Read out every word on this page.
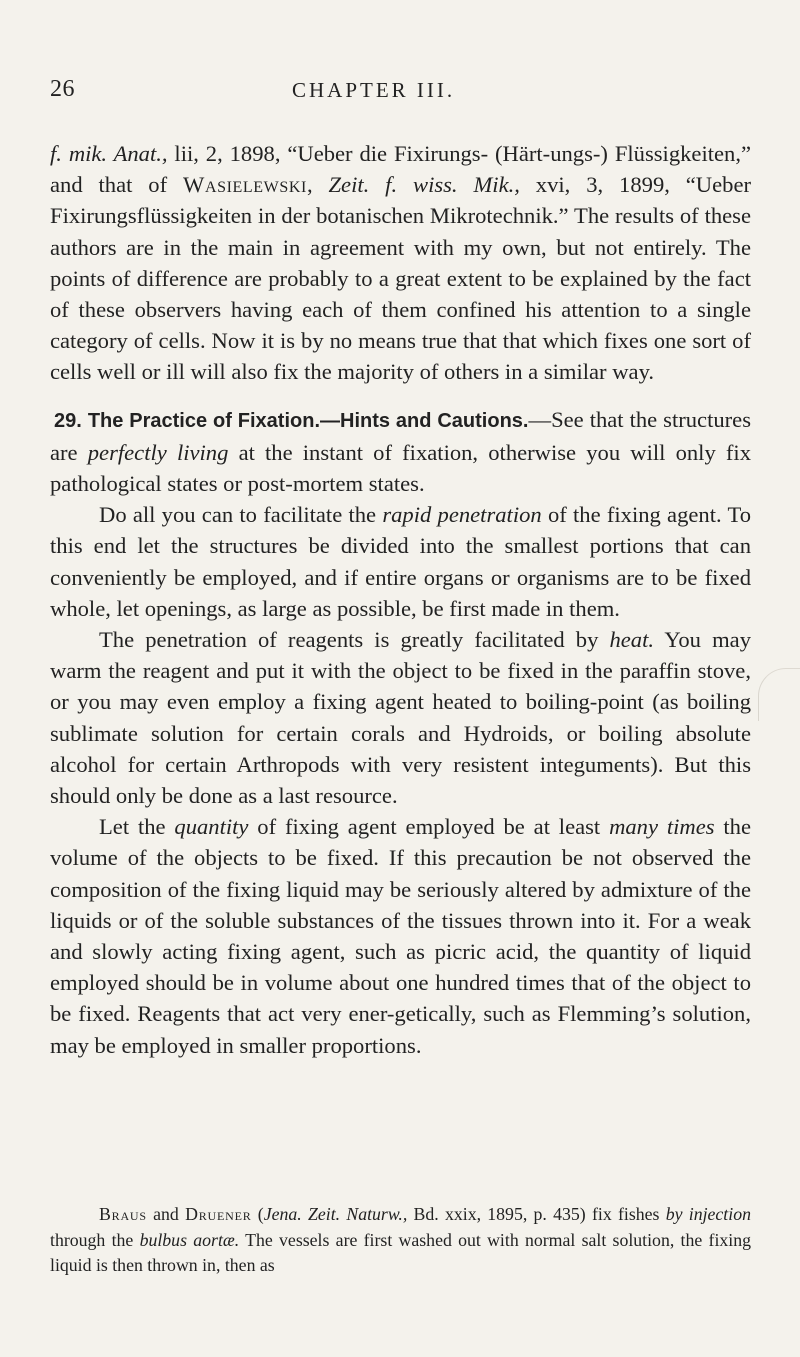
26	CHAPTER III.

f. mik. Anat., lii, 2, 1898, “Ueber die Fixirungs- (Härt-ungs-) Flüssigkeiten,” and that of Wasielewski, Zeit. f. wiss. Mik., xvi, 3, 1899, “Ueber Fixirungsflüssigkeiten in der botanischen Mikrotechnik.” The results of these authors are in the main in agreement with my own, but not entirely. The points of difference are probably to a great extent to be explained by the fact of these observers having each of them confined his attention to a single category of cells. Now it is by no means true that that which fixes one sort of cells well or ill will also fix the majority of others in a similar way.

29. The Practice of Fixation.—Hints and Cautions.—See that the structures are perfectly living at the instant of fixation, otherwise you will only fix pathological states or post-mortem states.

Do all you can to facilitate the rapid penetration of the fixing agent. To this end let the structures be divided into the smallest portions that can conveniently be employed, and if entire organs or organisms are to be fixed whole, let openings, as large as possible, be first made in them.

The penetration of reagents is greatly facilitated by heat. You may warm the reagent and put it with the object to be fixed in the paraffin stove, or you may even employ a fixing agent heated to boiling-point (as boiling sublimate solution for certain corals and Hydroids, or boiling absolute alcohol for certain Arthropods with very resistent integuments). But this should only be done as a last resource.

Let the quantity of fixing agent employed be at least many times the volume of the objects to be fixed. If this precaution be not observed the composition of the fixing liquid may be seriously altered by admixture of the liquids or of the soluble substances of the tissues thrown into it. For a weak and slowly acting fixing agent, such as picric acid, the quantity of liquid employed should be in volume about one hundred times that of the object to be fixed. Reagents that act very ener-getically, such as Flemming’s solution, may be employed in smaller proportions.

Braus and Druener (Jena. Zeit. Naturw., Bd. xxix, 1895, p. 435) fix fishes by injection through the bulbus aortæ. The vessels are first washed out with normal salt solution, the fixing liquid is then thrown in, then as
